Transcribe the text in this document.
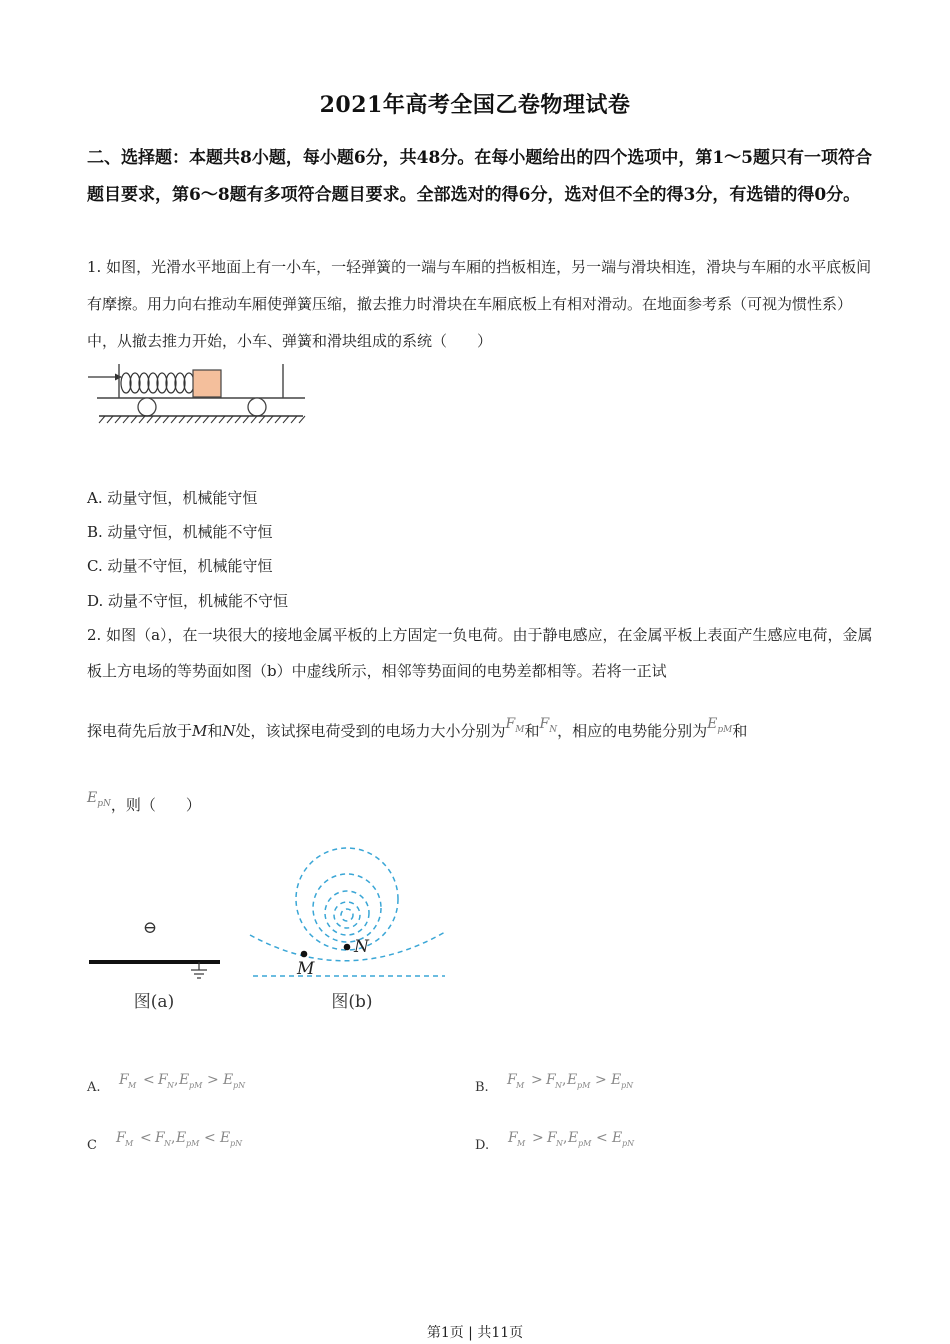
2021年高考全国乙卷物理试卷
二、选择题：本题共8小题，每小题6分，共48分。在每小题给出的四个选项中，第1～5题只有一项符合题目要求，第6～8题有多项符合题目要求。全部选对的得6分，选对但不全的得3分，有选错的得0分。
1. 如图，光滑水平地面上有一小车，一轻弹簧的一端与车厢的挡板相连，另一端与滑块相连，滑块与车厢的水平底板间有摩擦。用力向右推动车厢使弹簧压缩，撤去推力时滑块在车厢底板上有相对滑动。在地面参考系（可视为惯性系）中，从撤去推力开始，小车、弹簧和滑块组成的系统（　　）
A. 动量守恒，机械能守恒
B. 动量守恒，机械能不守恒
C. 动量不守恒，机械能守恒
D. 动量不守恒，机械能不守恒
2. 如图（a），在一块很大的接地金属平板的上方固定一负电荷。由于静电感应，在金属平板上表面产生感应电荷，金属板上方电场的等势面如图（b）中虚线所示，相邻等势面间的电势差都相等。若将一正试
探电荷先后放于M和N处，该试探电荷受到的电场力大小分别为$F_M$和$F_N$，相应的电势能分别为$E_{pM}$和
$E_{pN}$，则（　　）
⊖
图(a)
M
N
图(b)
A. F M < F N , E pM > E pN	B. F M > F N , E pM > E pN
C F M < F N , E pM < E pN	D. F M > F N , E pM < E pN
第1页 | 共11页
